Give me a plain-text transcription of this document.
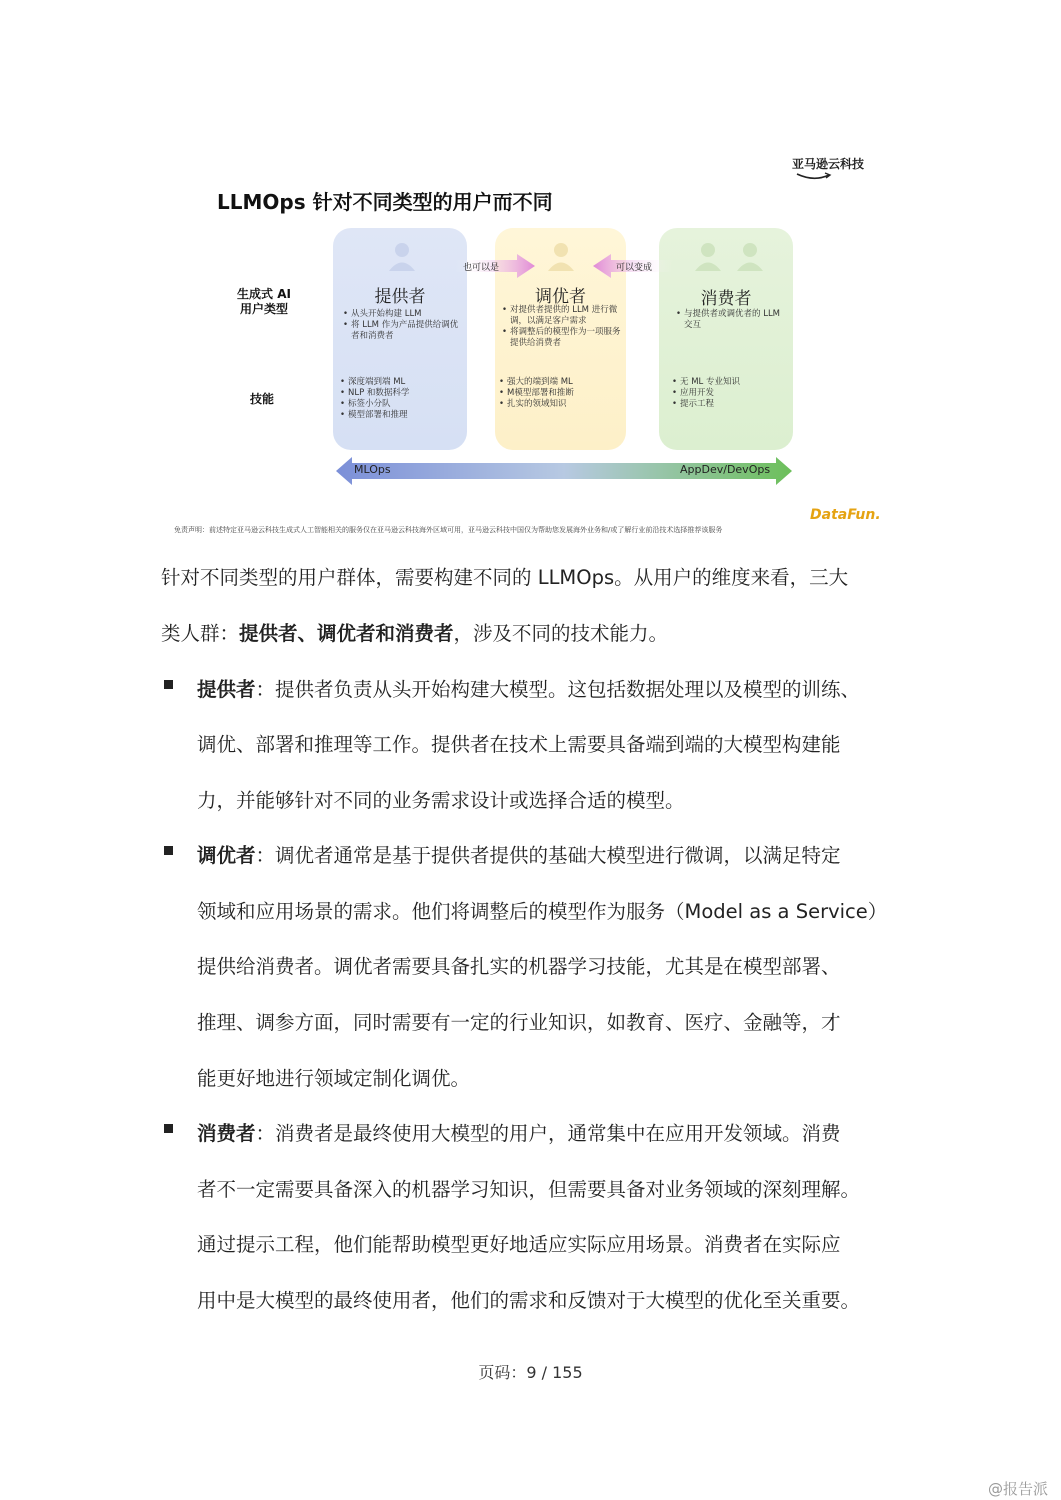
亚马逊云科技
LLMOps 针对不同类型的用户而不同
生成式 AI
用户类型
技能
提供者	调优者	消费者
• 从头开始构建 LLM
• 将 LLM 作为产品提供给调优者和消费者
• 对提供者提供的 LLM 进行微调，以满足客户需求
• 将调整后的模型作为一项服务提供给消费者
• 与提供者或调优者的 LLM 交互
• 深度端到端 ML
• NLP 和数据科学
• 标签小分队
• 模型部署和推理
• 强大的端到端 ML
• M模型部署和推断
• 扎实的领域知识
• 无 ML 专业知识
• 应用开发
• 提示工程
也可以是	可以变成
MLOps	AppDev/DevOps
免责声明：前述特定亚马逊云科技生成式人工智能相关的服务仅在亚马逊云科技海外区域可用，亚马逊云科技中国仅为帮助您发展海外业务和/或了解行业前沿技术选择推荐该服务
DataFun.
针对不同类型的用户群体，需要构建不同的 LLMOps。从用户的维度来看，三大
类人群：提供者、调优者和消费者，涉及不同的技术能力。
提供者：提供者负责从头开始构建大模型。这包括数据处理以及模型的训练、
调优、部署和推理等工作。提供者在技术上需要具备端到端的大模型构建能
力，并能够针对不同的业务需求设计或选择合适的模型。
调优者：调优者通常是基于提供者提供的基础大模型进行微调，以满足特定
领域和应用场景的需求。他们将调整后的模型作为服务（Model as a Service）
提供给消费者。调优者需要具备扎实的机器学习技能，尤其是在模型部署、
推理、调参方面，同时需要有一定的行业知识，如教育、医疗、金融等，才
能更好地进行领域定制化调优。
消费者：消费者是最终使用大模型的用户，通常集中在应用开发领域。消费
者不一定需要具备深入的机器学习知识，但需要具备对业务领域的深刻理解。
通过提示工程，他们能帮助模型更好地适应实际应用场景。消费者在实际应
用中是大模型的最终使用者，他们的需求和反馈对于大模型的优化至关重要。
页码：9 / 155
@报告派
